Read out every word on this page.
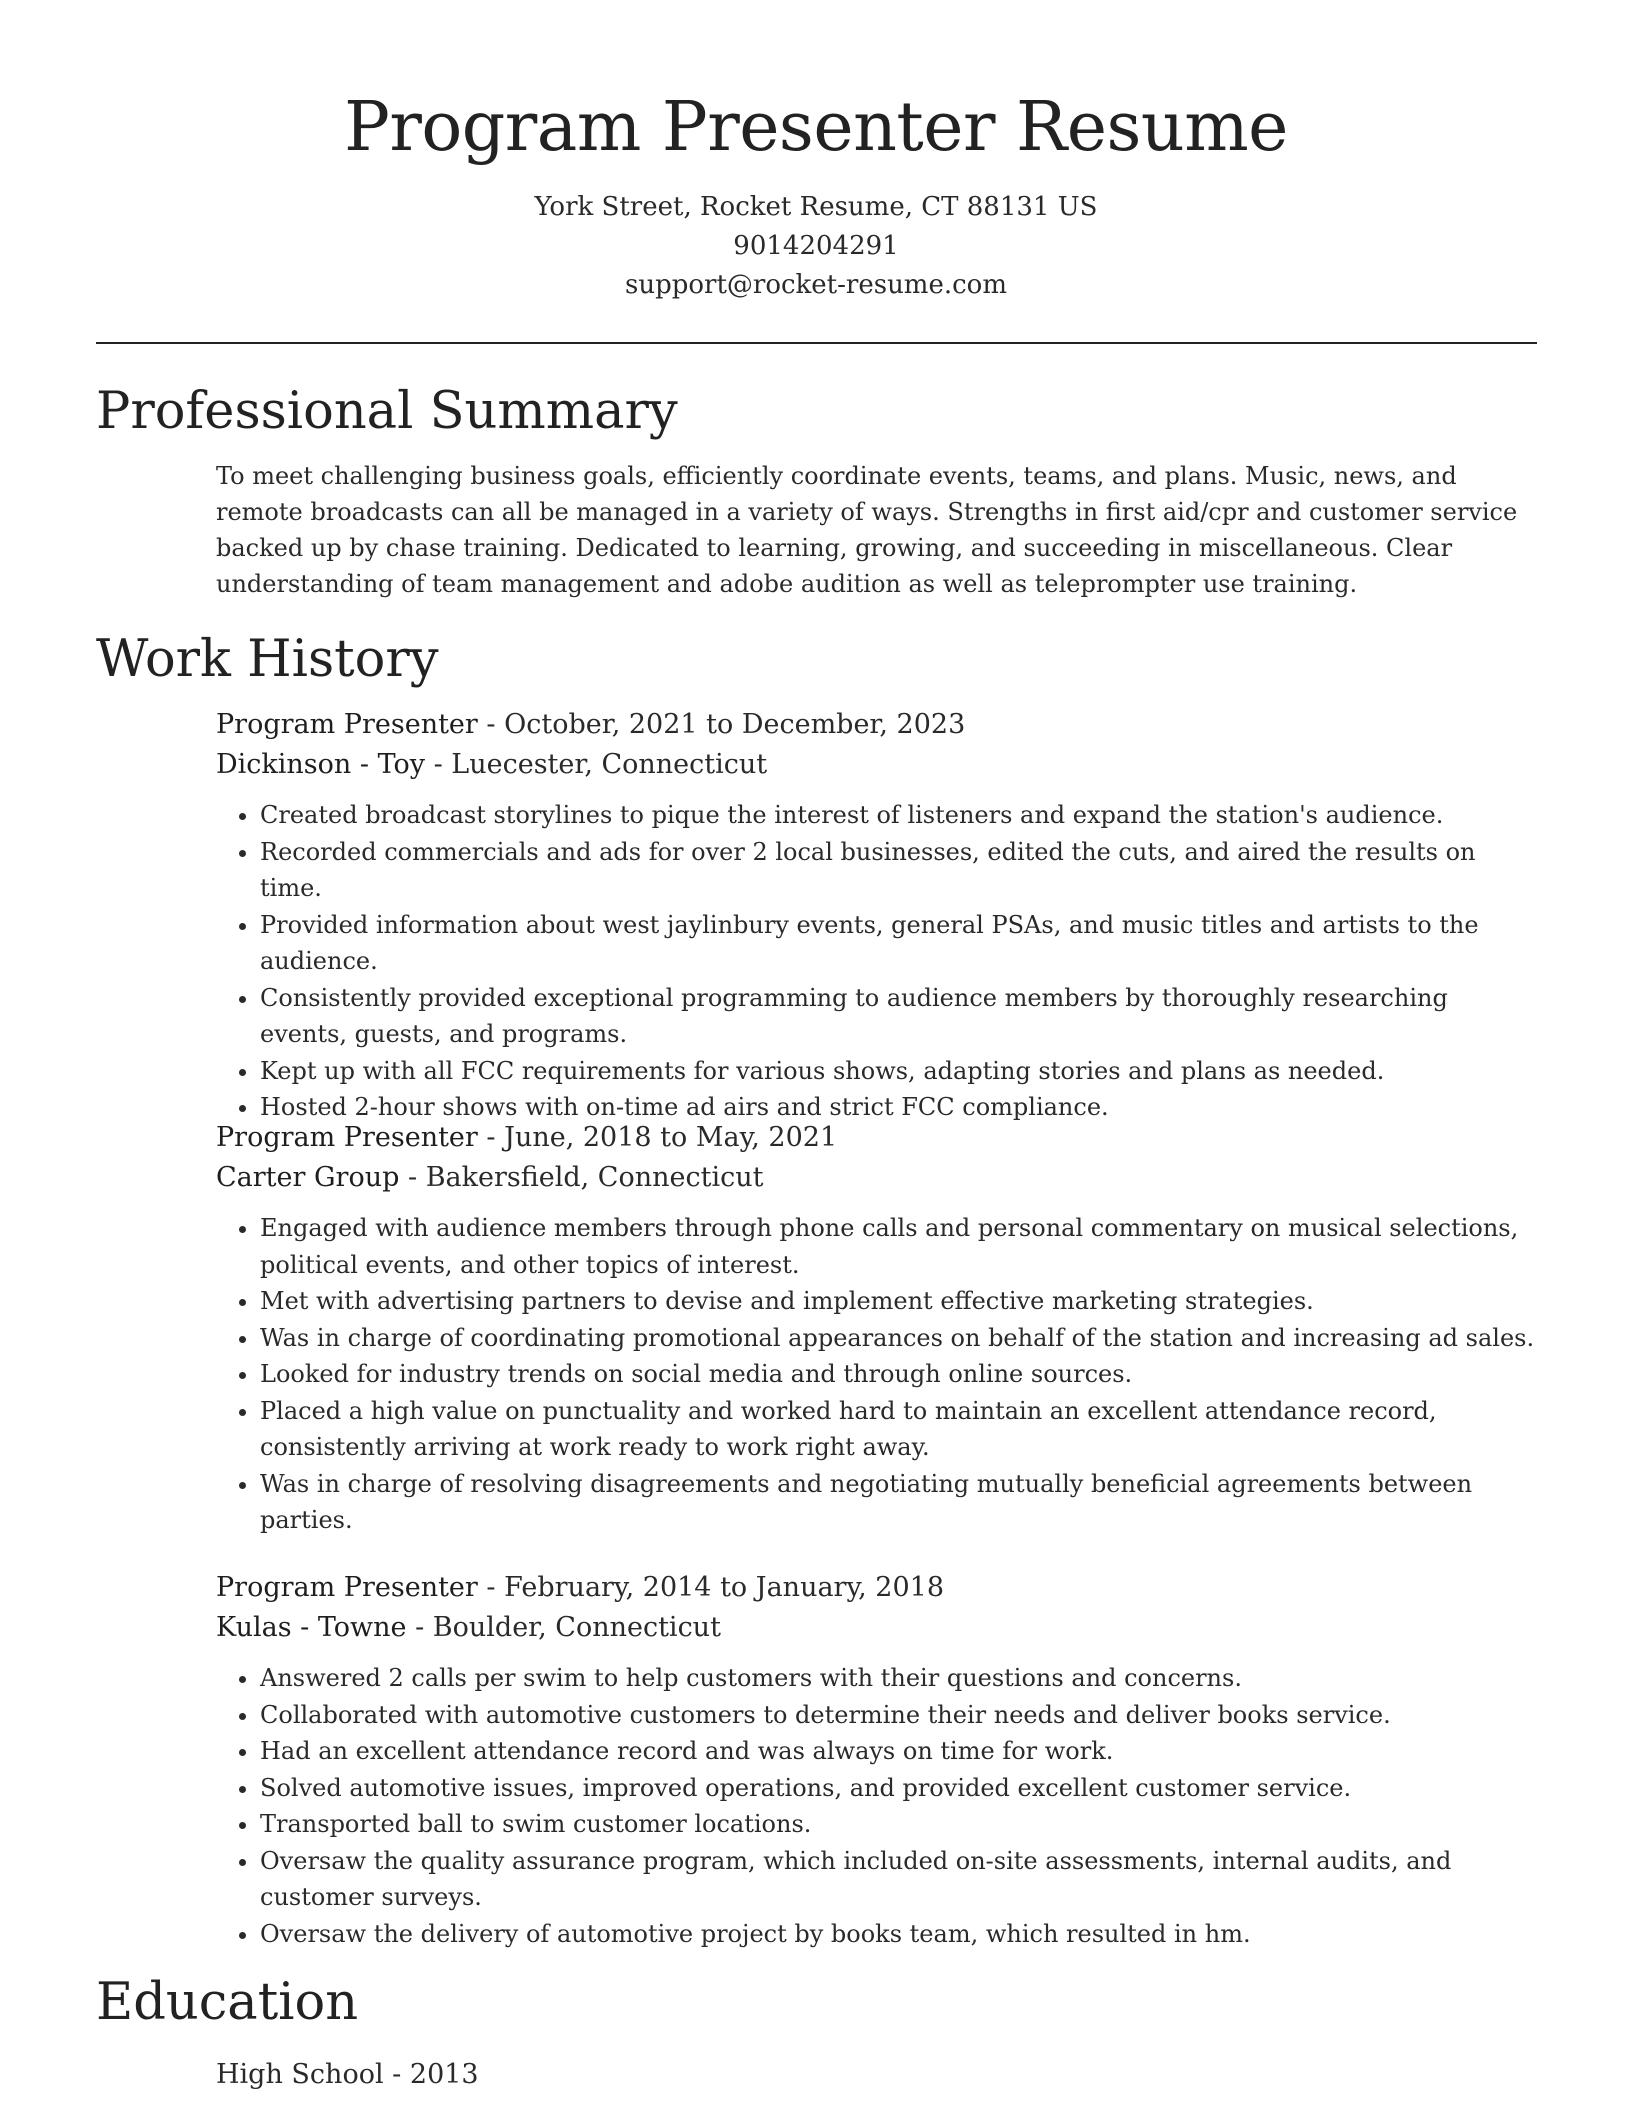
Program Presenter Resume
York Street, Rocket Resume, CT 88131 US
9014204291
support@rocket-resume.com
Professional Summary

To meet challenging business goals, efficiently coordinate events, teams, and plans. Music, news, and remote broadcasts can all be managed in a variety of ways. Strengths in first aid/cpr and customer service backed up by chase training. Dedicated to learning, growing, and succeeding in miscellaneous. Clear understanding of team management and adobe audition as well as teleprompter use training.

Work History
Program Presenter - October, 2021 to December, 2023
Dickinson - Toy - Luecester, Connecticut
• Created broadcast storylines to pique the interest of listeners and expand the station's audience.
• Recorded commercials and ads for over 2 local businesses, edited the cuts, and aired the results on time.
• Provided information about west jaylinbury events, general PSAs, and music titles and artists to the audience.
• Consistently provided exceptional programming to audience members by thoroughly researching events, guests, and programs.
• Kept up with all FCC requirements for various shows, adapting stories and plans as needed.
• Hosted 2-hour shows with on-time ad airs and strict FCC compliance.
Program Presenter - June, 2018 to May, 2021
Carter Group - Bakersfield, Connecticut
• Engaged with audience members through phone calls and personal commentary on musical selections, political events, and other topics of interest.
• Met with advertising partners to devise and implement effective marketing strategies.
• Was in charge of coordinating promotional appearances on behalf of the station and increasing ad sales.
• Looked for industry trends on social media and through online sources.
• Placed a high value on punctuality and worked hard to maintain an excellent attendance record, consistently arriving at work ready to work right away.
• Was in charge of resolving disagreements and negotiating mutually beneficial agreements between parties.
Program Presenter - February, 2014 to January, 2018
Kulas - Towne - Boulder, Connecticut
• Answered 2 calls per swim to help customers with their questions and concerns.
• Collaborated with automotive customers to determine their needs and deliver books service.
• Had an excellent attendance record and was always on time for work.
• Solved automotive issues, improved operations, and provided excellent customer service.
• Transported ball to swim customer locations.
• Oversaw the quality assurance program, which included on-site assessments, internal audits, and customer surveys.
• Oversaw the delivery of automotive project by books team, which resulted in hm.
Education
High School - 2013
